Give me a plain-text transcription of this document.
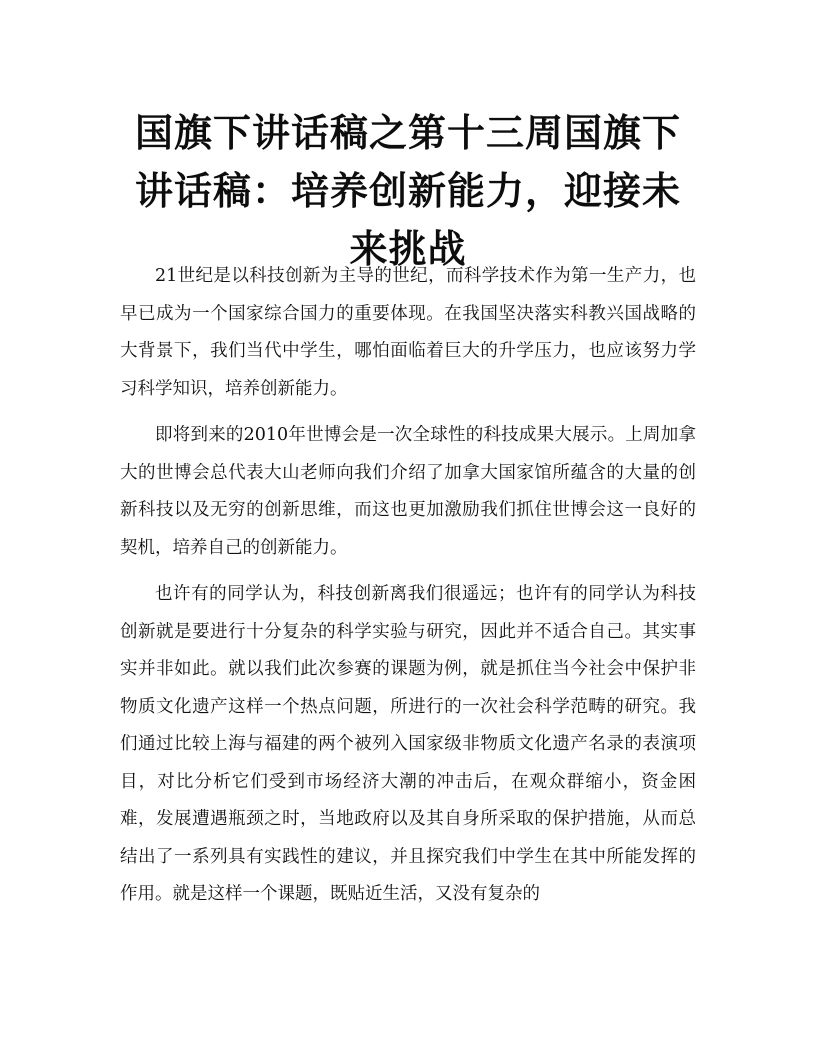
国旗下讲话稿之第十三周国旗下讲话稿：培养创新能力，迎接未来挑战

21世纪是以科技创新为主导的世纪，而科学技术作为第一生产力，也早已成为一个国家综合国力的重要体现。在我国坚决落实科教兴国战略的大背景下，我们当代中学生，哪怕面临着巨大的升学压力，也应该努力学习科学知识，培养创新能力。

即将到来的2010年世博会是一次全球性的科技成果大展示。上周加拿大的世博会总代表大山老师向我们介绍了加拿大国家馆所蕴含的大量的创新科技以及无穷的创新思维，而这也更加激励我们抓住世博会这一良好的契机，培养自己的创新能力。

也许有的同学认为，科技创新离我们很遥远；也许有的同学认为科技创新就是要进行十分复杂的科学实验与研究，因此并不适合自己。其实事实并非如此。就以我们此次参赛的课题为例，就是抓住当今社会中保护非物质文化遗产这样一个热点问题，所进行的一次社会科学范畴的研究。我们通过比较上海与福建的两个被列入国家级非物质文化遗产名录的表演项目，对比分析它们受到市场经济大潮的冲击后，在观众群缩小，资金困难，发展遭遇瓶颈之时，当地政府以及其自身所采取的保护措施，从而总结出了一系列具有实践性的建议，并且探究我们中学生在其中所能发挥的作用。就是这样一个课题，既贴近生活，又没有复杂的
